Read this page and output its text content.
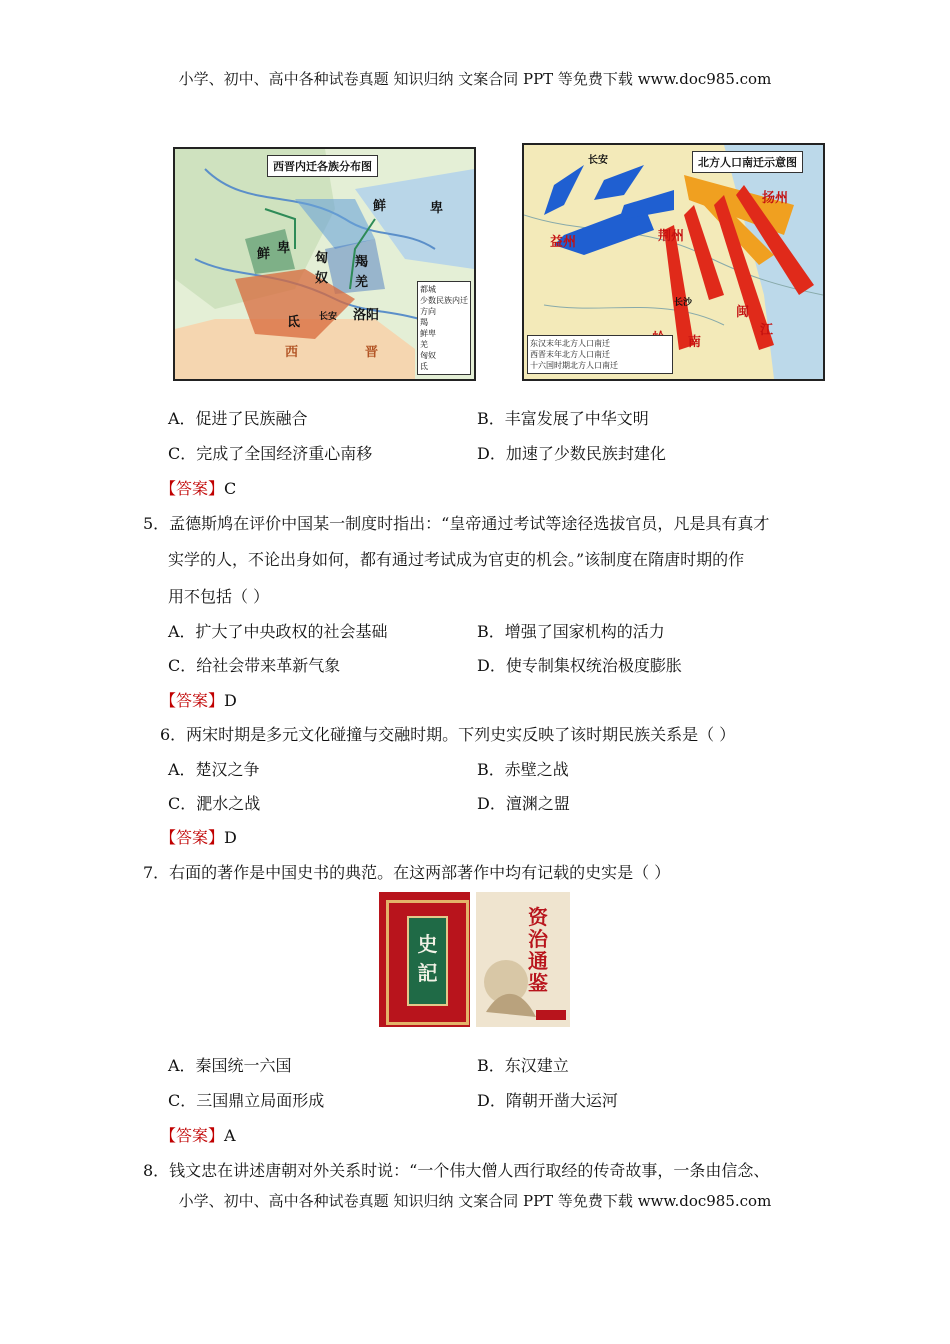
小学、初中、高中各种试卷真题 知识归纳 文案合同 PPT 等免费下载 www.doc985.com
西晋内迁各族分布图
鲜	卑
鲜 卑
匈
奴
羯
羌
氐 长安 洛阳
西	晋
都城
少数民族内迁方向
羯
鲜卑
羌
匈奴
氐
北方人口南迁示意图
长安
益州	荆州
扬州
南
闽
江
长沙
东汉末年北方人口南迁
西晋末年北方人口南迁
十六国时期北方人口南迁
A．促进了民族融合	B．丰富发展了中华文明
C．完成了全国经济重心南移	D．加速了少数民族封建化
【答案】C
5．孟德斯鸠在评价中国某一制度时指出：“皇帝通过考试等途径选拔官员，凡是具有真才
实学的人，不论出身如何，都有通过考试成为官吏的机会。”该制度在隋唐时期的作
用不包括（ ）
A．扩大了中央政权的社会基础	B．增强了国家机构的活力
C．给社会带来革新气象	D．使专制集权统治极度膨胀
【答案】D
6．两宋时期是多元文化碰撞与交融时期。下列史实反映了该时期民族关系是（ ）
A．楚汉之争	B．赤壁之战
C．淝水之战	D．澶渊之盟
【答案】D
7．右面的著作是中国史书的典范。在这两部著作中均有记载的史实是（ ）
史記
资治通鉴
A．秦国统一六国	B．东汉建立
C．三国鼎立局面形成	D．隋朝开凿大运河
【答案】A
8．钱文忠在讲述唐朝对外关系时说：“一个伟大僧人西行取经的传奇故事，一条由信念、
小学、初中、高中各种试卷真题 知识归纳 文案合同 PPT 等免费下载 www.doc985.com
